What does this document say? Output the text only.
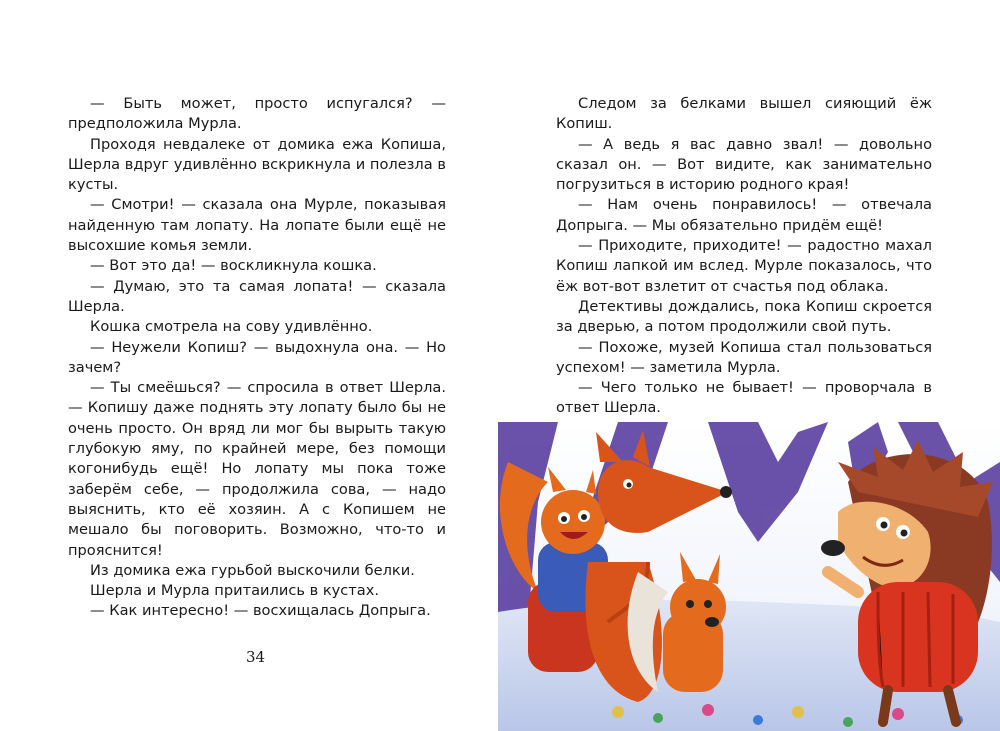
— Быть может, просто испугался? — предположила Мурла.

Проходя невдалеке от домика ежа Копиша, Шерла вдруг удивлённо вскрикнула и полезла в кусты.

— Смотри! — сказала она Мурле, показывая найденную там лопату. На лопате были ещё не высохшие комья земли.

— Вот это да! — воскликнула кошка.

— Думаю, это та самая лопата! — сказала Шерла.

Кошка смотрела на сову удивлённо.

— Неужели Копиш? — выдохнула она. — Но зачем?

— Ты смеёшься? — спросила в ответ Шерла. — Копишу даже поднять эту лопату было бы не очень просто. Он вряд ли мог бы вырыть такую глубокую яму, по крайней мере, без помощи когонибудь ещё! Но лопату мы пока тоже заберём себе, — продолжила сова, — надо выяснить, кто её хозяин. А с Копишем не мешало бы поговорить. Возможно, что-то и прояснится!

Из домика ежа гурьбой выскочили белки.

Шерла и Мурла притаились в кустах.

— Как интересно! — восхищалась Допрыга.

34

Следом за белками вышел сияющий ёж Копиш.

— А ведь я вас давно звал! — довольно сказал он. — Вот видите, как занимательно погрузиться в историю родного края!

— Нам очень понравилось! — отвечала Допрыга. — Мы обязательно придём ещё!

— Приходите, приходите! — радостно махал Копиш лапкой им вслед. Мурле показалось, что ёж вот-вот взлетит от счастья под облака.

Детективы дождались, пока Копиш скроется за дверью, а потом продолжили свой путь.

— Похоже, музей Копиша стал пользоваться успехом! — заметила Мурла.

— Чего только не бывает! — проворчала в ответ Шерла.
